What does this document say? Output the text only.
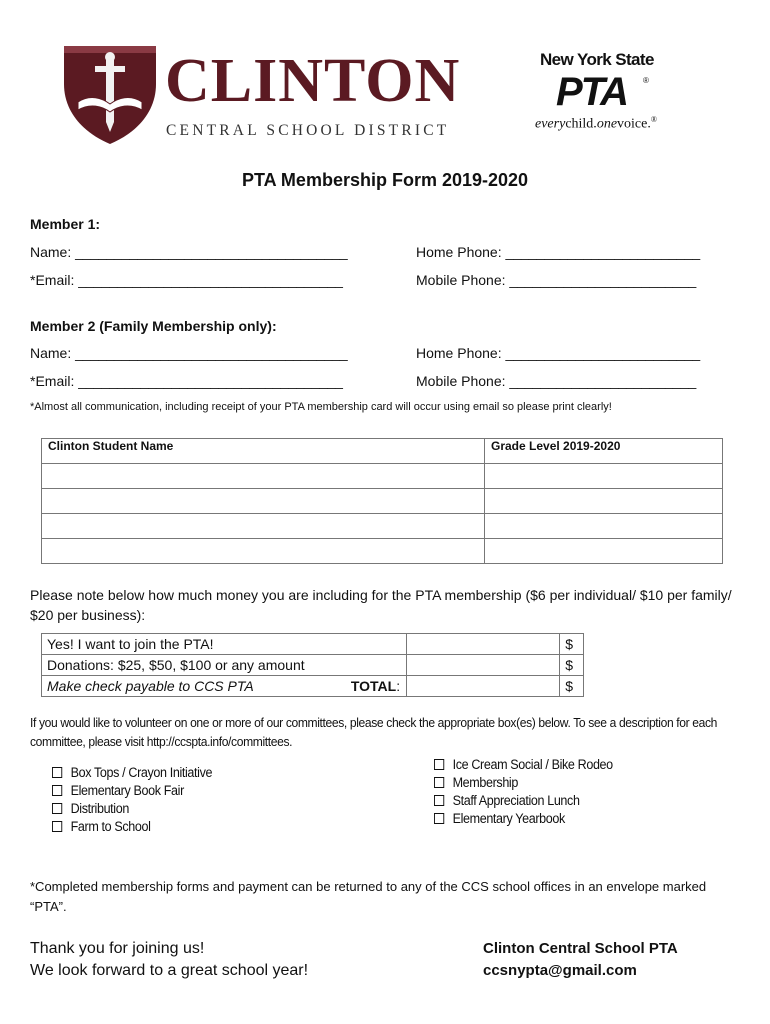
CLINTON
CENTRAL SCHOOL DISTRICT
New York State
PTA ®
everychild.onevoice.®
PTA Membership Form 2019-2020
Member 1:
Name: ___________________________________	Home Phone: _________________________
*Email: __________________________________	Mobile Phone: ________________________
Member 2 (Family Membership only):
Name: ___________________________________	Home Phone: _________________________
*Email: __________________________________	Mobile Phone: ________________________
*Almost all communication, including receipt of your PTA membership card will occur using email so please print clearly!
Clinton Student Name	Grade Level 2019-2020

Please note below how much money you are including for the PTA membership ($6 per individual/ $10 per family/ $20 per business):
Yes! I want to join the PTA!		$
Donations: $25, $50, $100 or any amount		$
Make check payable to CCS PTA TOTAL:		$
If you would like to volunteer on one or more of our committees, please check the appropriate box(es) below. To see a description for each committee, please visit http://ccspta.info/committees.
Box Tops / Crayon Initiative
Elementary Book Fair
Distribution
Farm to School
Ice Cream Social / Bike Rodeo
Membership
Staff Appreciation Lunch
Elementary Yearbook
*Completed membership forms and payment can be returned to any of the CCS school offices in an envelope marked “PTA”.
Thank you for joining us!
We look forward to a great school year!
Clinton Central School PTA
ccsnypta@gmail.com
